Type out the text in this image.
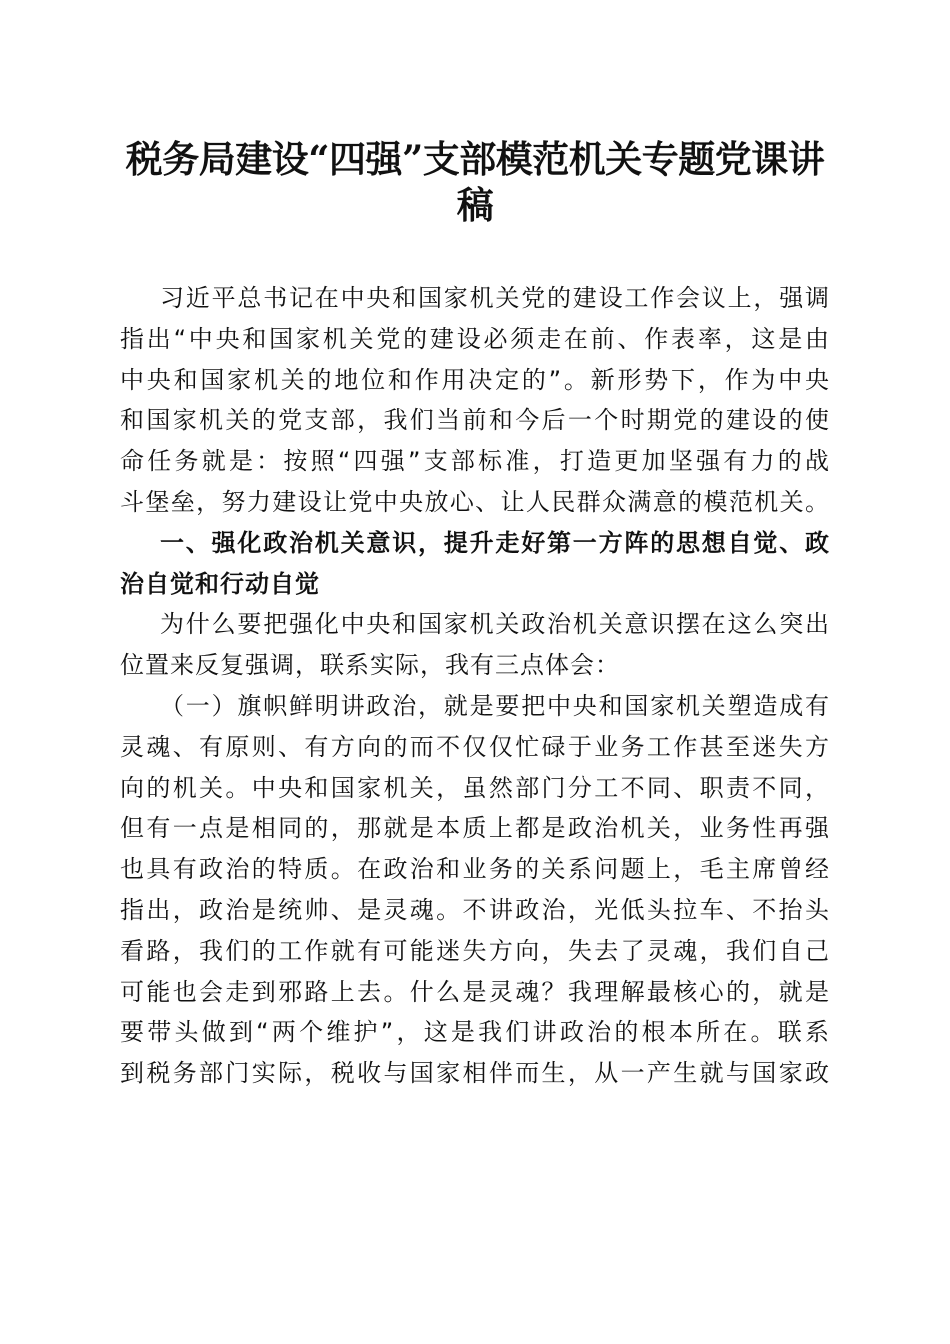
税务局建设“四强”支部模范机关专题党课讲
稿
习近平总书记在中央和国家机关党的建设工作会议上，强调
指出“中央和国家机关党的建设必须走在前、作表率，这是由
中央和国家机关的地位和作用决定的”。新形势下，作为中央
和国家机关的党支部，我们当前和今后一个时期党的建设的使
命任务就是：按照“四强”支部标准，打造更加坚强有力的战
斗堡垒，努力建设让党中央放心、让人民群众满意的模范机关。
一、强化政治机关意识，提升走好第一方阵的思想自觉、政
治自觉和行动自觉
为什么要把强化中央和国家机关政治机关意识摆在这么突出
位置来反复强调，联系实际，我有三点体会：
（一）旗帜鲜明讲政治，就是要把中央和国家机关塑造成有
灵魂、有原则、有方向的而不仅仅忙碌于业务工作甚至迷失方
向的机关。中央和国家机关，虽然部门分工不同、职责不同，
但有一点是相同的，那就是本质上都是政治机关，业务性再强
也具有政治的特质。在政治和业务的关系问题上，毛主席曾经
指出，政治是统帅、是灵魂。不讲政治，光低头拉车、不抬头
看路，我们的工作就有可能迷失方向，失去了灵魂，我们自己
可能也会走到邪路上去。什么是灵魂？我理解最核心的，就是
要带头做到“两个维护”，这是我们讲政治的根本所在。联系
到税务部门实际，税收与国家相伴而生，从一产生就与国家政
